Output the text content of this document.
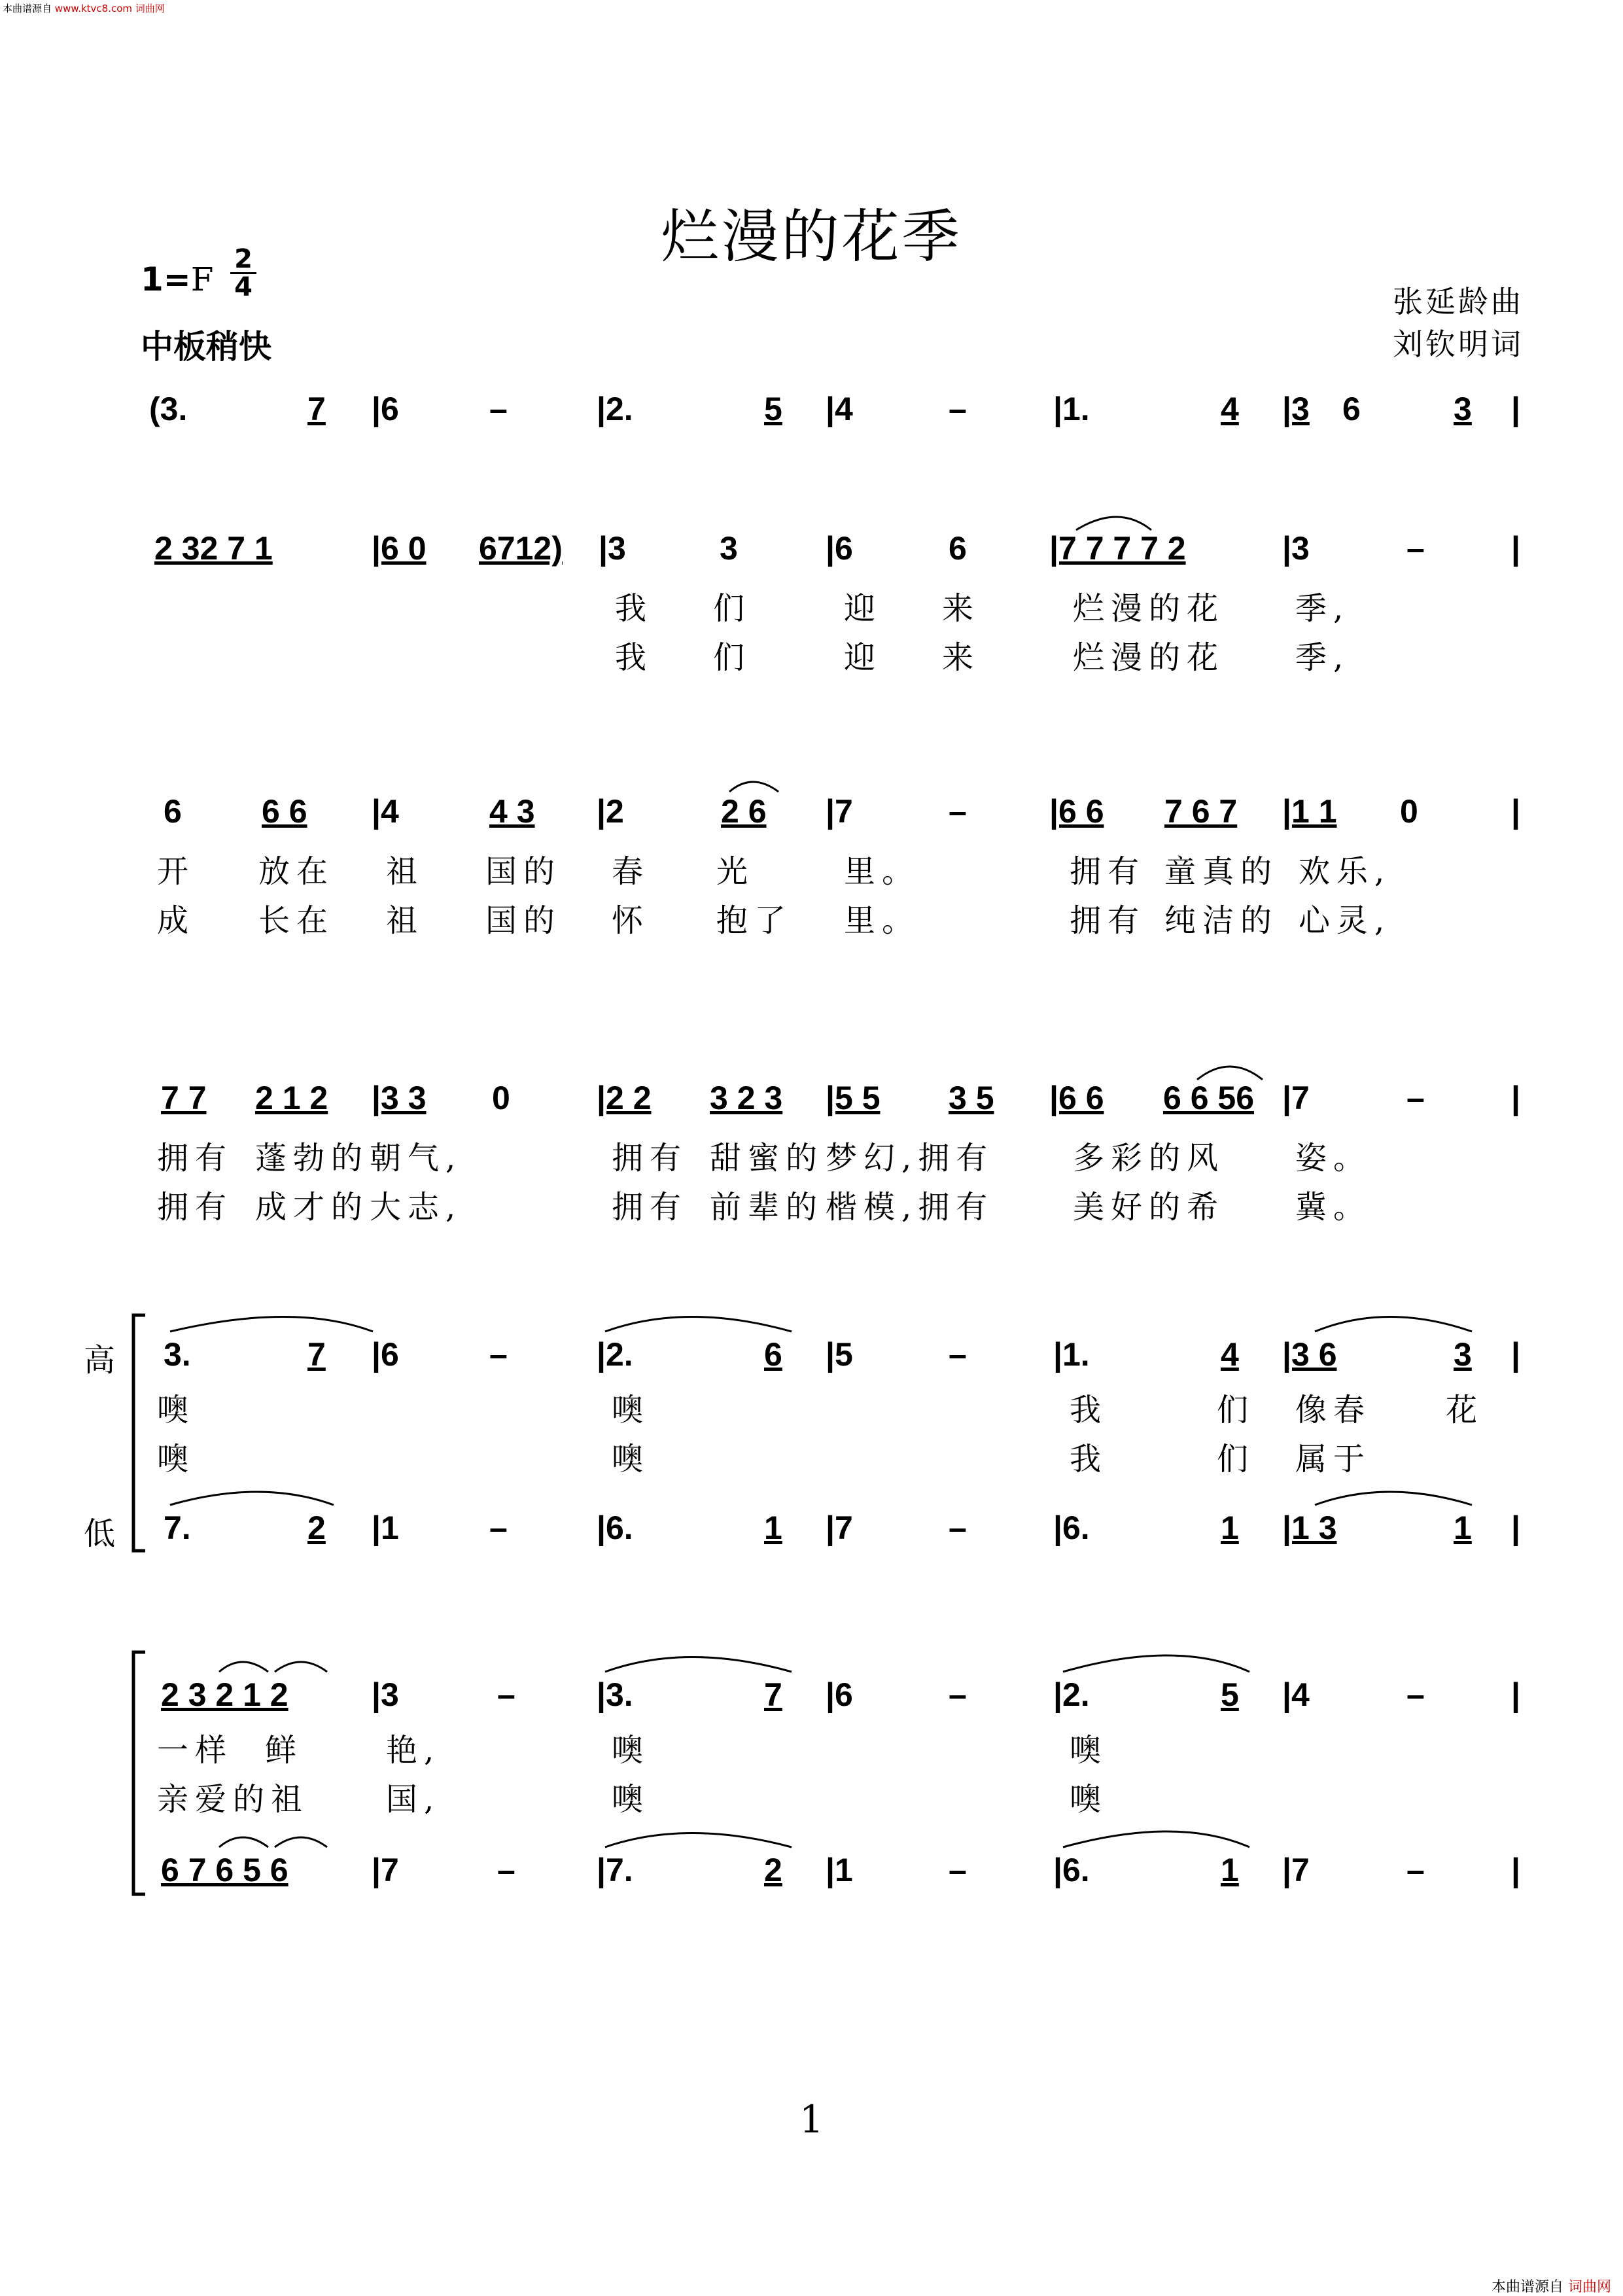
本曲谱源自 www.ktvc8.com 词曲网
烂漫的花季
1=F
2
4
中板稍快
张延龄曲
刘钦明词
(3.	7 |6	–	|2.	5 |4	–	|1.	4 |3 6	3 |
2 32 7 1	|6 0 6712) |3	3	|6	6	|7 7 7 7 2	|3	–	|
我 们	迎 来	烂漫的花 季,
我 们	迎 来	烂漫的花 季,
6 6 6 |4	4 3 |2	2 6 |7	–	|6 6 7 6 7 |1 1 0	|
开 放在 祖 国的 春 光	里。	拥有 童真的 欢乐,
成 长在 祖 国的 怀 抱了 里。	拥有 纯洁的 心灵,
7 7 2 1 2 |3 3 0	|2 2 3 2 3 |5 5 3 5 |6 6 6 6 56 |7	–	|
拥有 蓬勃的 朝气,	拥有 甜蜜的 梦幻,拥有	多彩的风 姿。
拥有 成才的 大志,	拥有 前辈的 楷模,拥有	美好的希 冀。
高
低
3.	7 |6	–	|2.	6 |5	–	|1.	4 |3 6	3 |
噢	噢	我	们 像春 花
噢	噢	我	们 属于
7.	2 |1	–	|6.	1 |7	–	|6.	1 |1 3	1 |
2 3 2 1 2	|3	– |3.	7 |6	–	|2.	5 |4	–	|
一样 鲜	艳,	噢	噢
亲爱的祖 国,	噢	噢
6 7 6 5 6	|7	– |7.	2 |1	–	|6.	1 |7	–	|
1
本曲谱源自 词曲网
